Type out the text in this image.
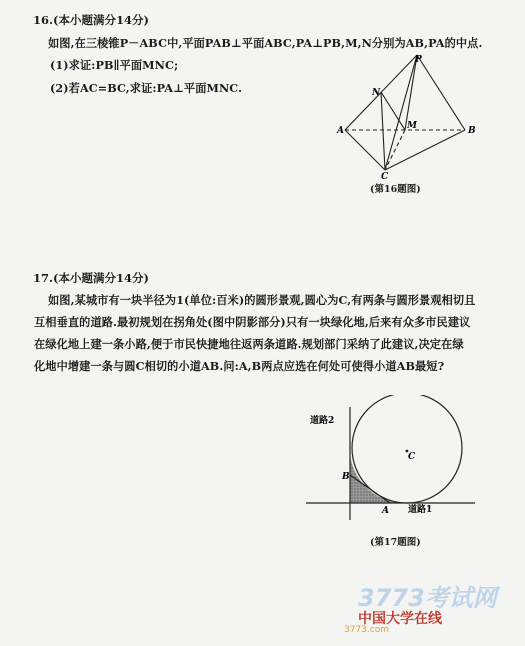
16.(本小题满分14分)
如图,在三棱锥P－ABC中,平面PAB⊥平面ABC,PA⊥PB,M,N分别为AB,PA的中点.
(1)求证:PB∥平面MNC;
(2)若AC=BC,求证:PA⊥平面MNC.
P
N
A	M	B
C
(第16题图)
17.(本小题满分14分)
如图,某城市有一块半径为1(单位:百米)的圆形景观,圆心为C,有两条与圆形景观相切且
互相垂直的道路.最初规划在拐角处(图中阴影部分)只有一块绿化地,后来有众多市民建议
在绿化地上建一条小路,便于市民快捷地往返两条道路.规划部门采纳了此建议,决定在绿
化地中增建一条与圆C相切的小道AB.问:A,B两点应选在何处可使得小道AB最短?
道路2
道路1
C
A
B
(第17题图)
3773考试网
中国大学在线
3773.com
